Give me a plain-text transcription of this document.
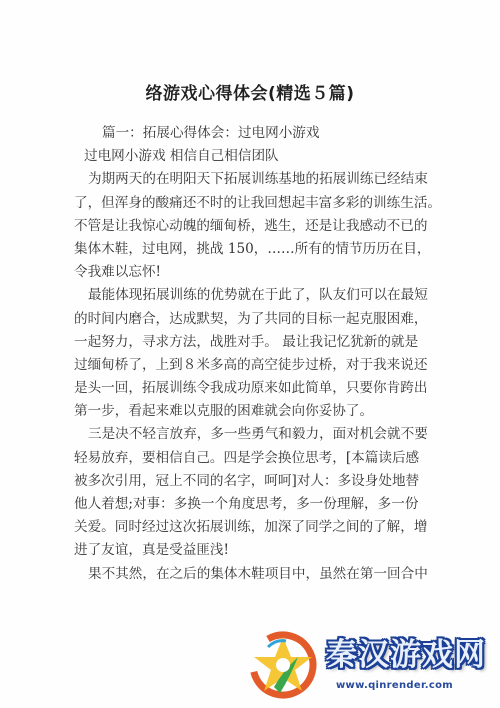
络游戏心得体会(精选５篇)
篇一：拓展心得体会：过电网小游戏
过电网小游戏 相信自己相信团队
为期两天的在明阳天下拓展训练基地的拓展训练已经结束
了，但浑身的酸痛还不时的让我回想起丰富多彩的训练生活。
不管是让我惊心动魄的缅甸桥，逃生，还是让我感动不已的
集体木鞋，过电网，挑战 150，……所有的情节历历在目，
令我难以忘怀!
最能体现拓展训练的优势就在于此了，队友们可以在最短
的时间内磨合，达成默契，为了共同的目标一起克服困难，
一起努力，寻求方法，战胜对手。 最让我记忆犹新的就是
过缅甸桥了，上到８米多高的高空徒步过桥，对于我来说还
是头一回，拓展训练令我成功原来如此简单，只要你肯跨出
第一步，看起来难以克服的困难就会向你妥协了。
三是决不轻言放弃，多一些勇气和毅力，面对机会就不要
轻易放弃，要相信自己。四是学会换位思考，[本篇读后感
被多次引用，冠上不同的名字，呵呵]对人：多设身处地替
他人着想;对事：多换一个角度思考，多一份理解，多一份
关爱。同时经过这次拓展训练，加深了同学之间的了解，增
进了友谊，真是受益匪浅!
果不其然，在之后的集体木鞋项目中，虽然在第一回合中
秦汉游戏网
www.qinrender.com
